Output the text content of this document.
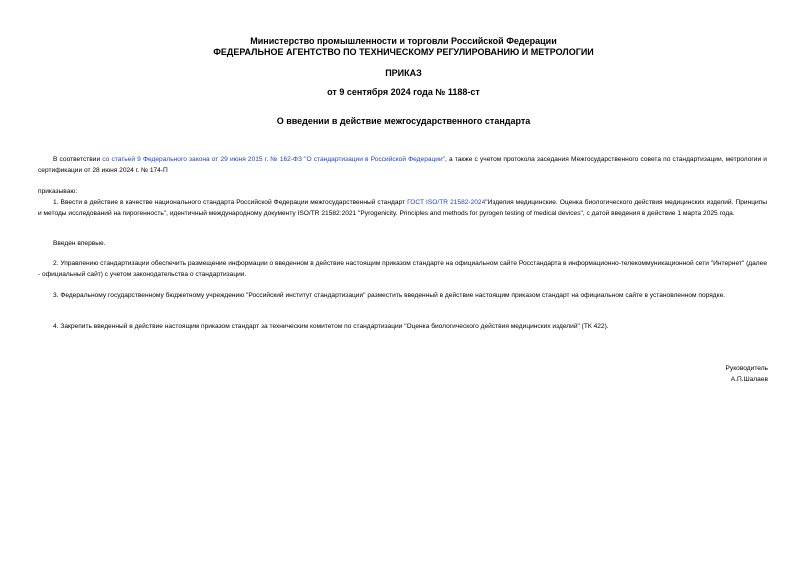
Министерство промышленности и торговли Российской Федерации
ФЕДЕРАЛЬНОЕ АГЕНТСТВО ПО ТЕХНИЧЕСКОМУ РЕГУЛИРОВАНИЮ И МЕТРОЛОГИИ
ПРИКАЗ
от 9 сентября 2024 года № 1188-ст
О введении в действие межгосударственного стандарта
В соответствии со статьей 9 Федерального закона от 29 июня 2015 г. № 162-ФЗ "О стандартизации в Российской Федерации", а также с учетом протокола заседания Межгосударственного совета по стандартизации, метрологии и сертификации от 28 июня 2024 г. № 174-П
приказываю:
1. Ввести в действие в качестве национального стандарта Российской Федерации межгосударственный стандарт ГОСТ ISO/TR 21582-2024"Изделия медицинские. Оценка биологического действия медицинских изделий. Принципы и методы исследований на пирогенность", идентичный международному документу ISO/TR 21582:2021 "Pyrogenicity. Principles and methods for pyrogen testing of medical devices", с датой введения в действие 1 марта 2025 года.
Введен впервые.
2. Управлению стандартизации обеспечить размещение информации о введенном в действие настоящим приказом стандарте на официальном сайте Росстандарта в информационно-телекоммуникационной сети "Интернет" (далее - официальный сайт) с учетом законодательства о стандартизации.
3. Федеральному государственному бюджетному учреждению "Российский институт стандартизации" разместить введенный в действие настоящим приказом стандарт на официальном сайте в установленном порядке.
4. Закрепить введенный в действие настоящим приказом стандарт за техническим комитетом по стандартизации "Оценка биологического действия медицинских изделий" (ТК 422).
Руководитель
А.П.Шалаев
